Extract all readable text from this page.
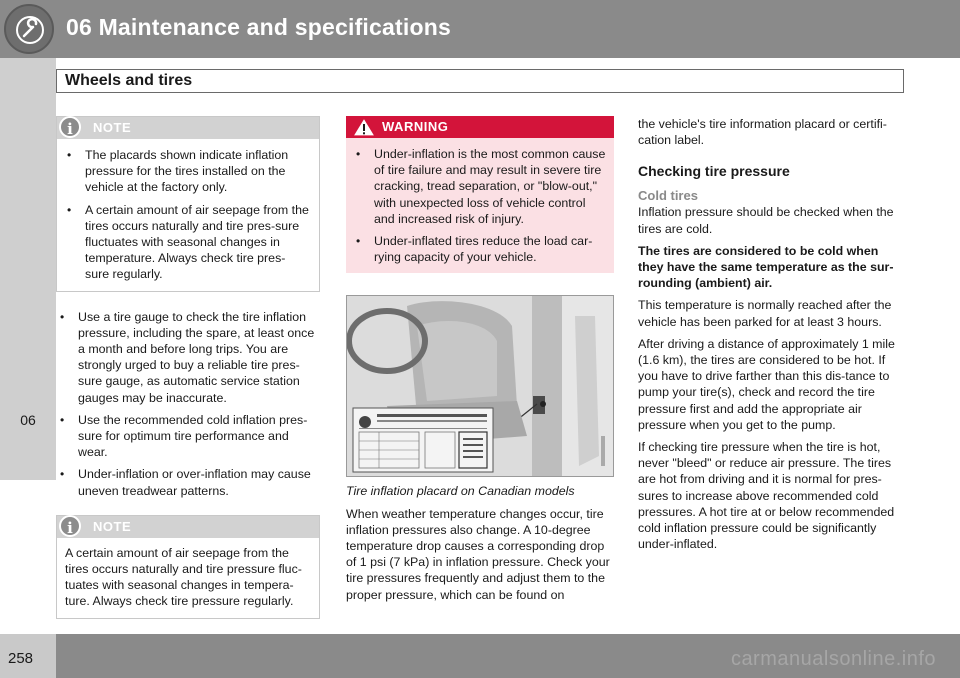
06 Maintenance and specifications
Wheels and tires
06
i	NOTE
• The placards shown indicate inflation pressure for the tires installed on the vehicle at the factory only.
• A certain amount of air seepage from the tires occurs naturally and tire pres-sure fluctuates with seasonal changes in temperature. Always check tire pres-sure regularly.
• Use a tire gauge to check the tire inflation pressure, including the spare, at least once a month and before long trips. You are strongly urged to buy a reliable tire pres-sure gauge, as automatic service station gauges may be inaccurate.
• Use the recommended cold inflation pres-sure for optimum tire performance and wear.
• Under-inflation or over-inflation may cause uneven treadwear patterns.
i	NOTE
A certain amount of air seepage from the tires occurs naturally and tire pressure fluc-tuates with seasonal changes in tempera-ture. Always check tire pressure regularly.
WARNING
• Under-inflation is the most common cause of tire failure and may result in severe tire cracking, tread separation, or "blow-out," with unexpected loss of vehicle control and increased risk of injury.
• Under-inflated tires reduce the load car-rying capacity of your vehicle.
Tire inflation placard on Canadian models

When weather temperature changes occur, tire inflation pressures also change. A 10-degree temperature drop causes a corresponding drop of 1 psi (7 kPa) in inflation pressure. Check your tire pressures frequently and adjust them to the proper pressure, which can be found on

the vehicle's tire information placard or certifi-cation label.

Checking tire pressure
Cold tires

Inflation pressure should be checked when the tires are cold.

The tires are considered to be cold when they have the same temperature as the sur-rounding (ambient) air.

This temperature is normally reached after the vehicle has been parked for at least 3 hours.

After driving a distance of approximately 1 mile (1.6 km), the tires are considered to be hot. If you have to drive farther than this dis-tance to pump your tire(s), check and record the tire pressure first and add the appropriate air pressure when you get to the pump.

If checking tire pressure when the tire is hot, never "bleed" or reduce air pressure. The tires are hot from driving and it is normal for pres-sures to increase above recommended cold pressures. A hot tire at or below recommended cold inflation pressure could be significantly under-inflated.

258	carmanualsonline.info
